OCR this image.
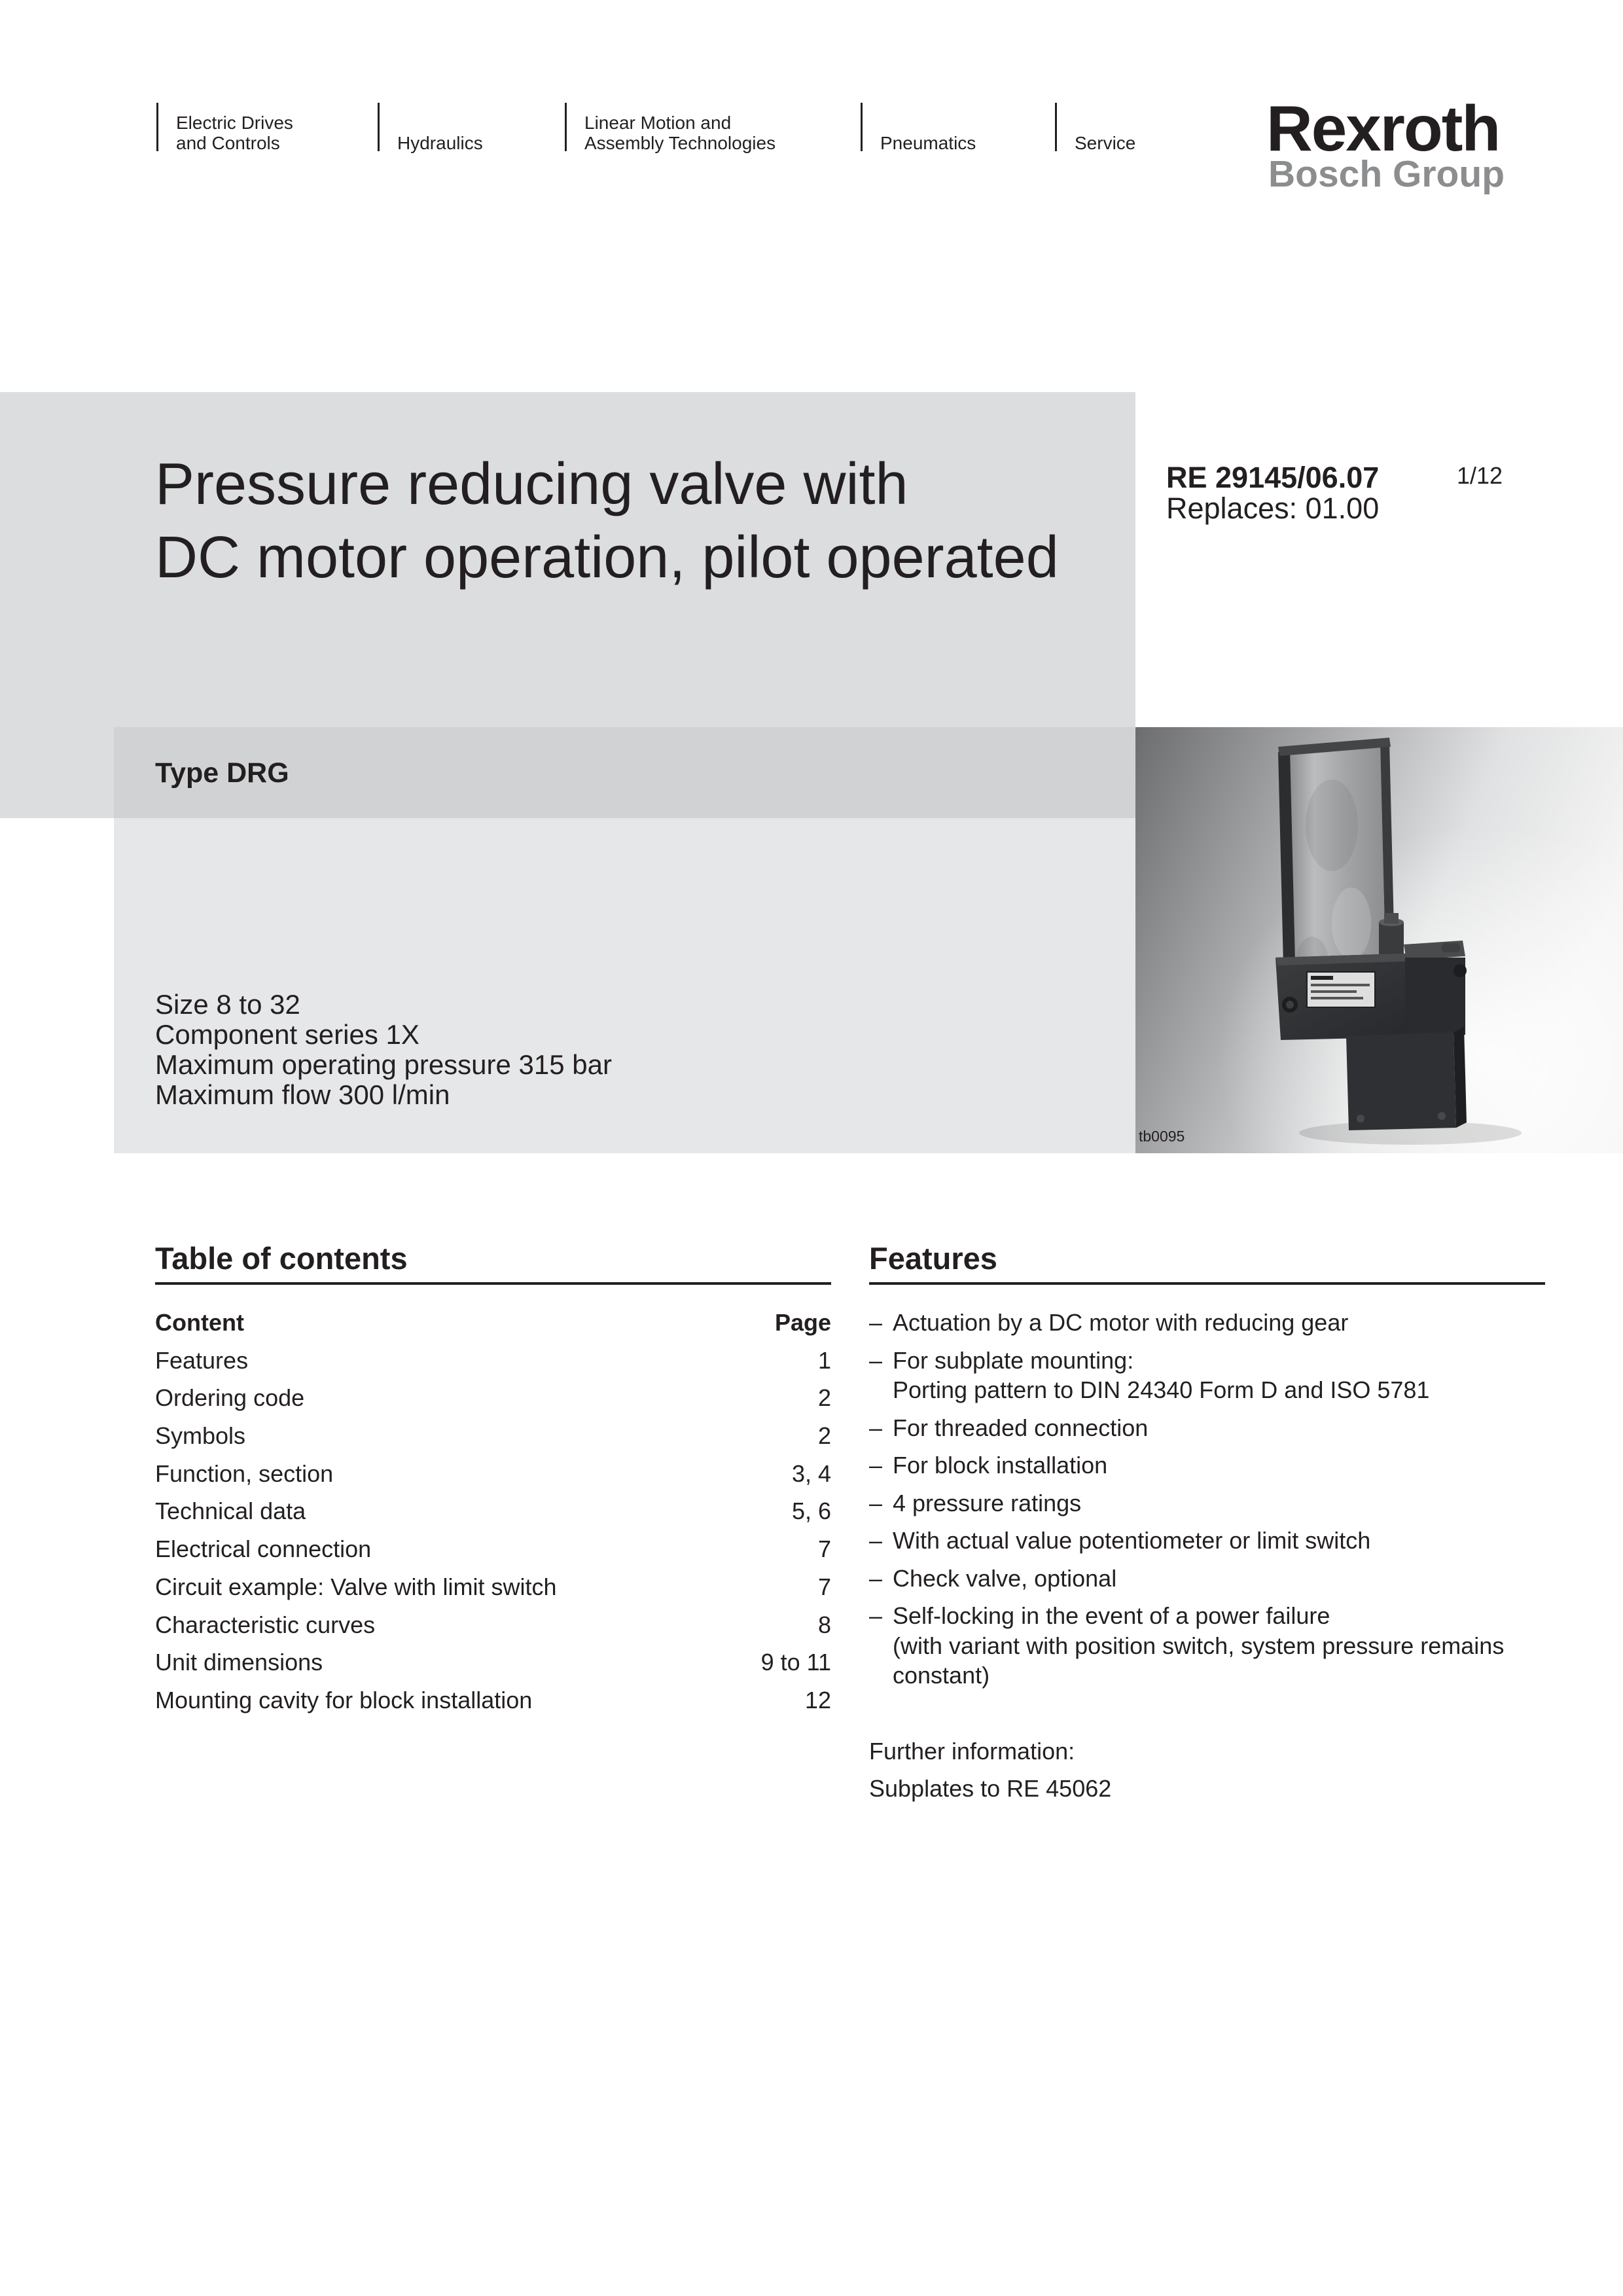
Electric Drives
and Controls	Hydraulics
Linear Motion and
Assembly Technologies	Pneumatics	Service Rexroth
Bosch Group
Pressure reducing valve with
DC motor operation, pilot operated
RE 29145/06.07
Replaces: 01.00
1/12
Type DRG
Size 8 to 32
Component series 1X
Maximum operating pressure 315 bar
Maximum flow 300 l/min
tb0095
Table of contents
Content	Page
Features	1
Ordering code	2
Symbols	2
Function, section	3, 4
Technical data	5, 6
Electrical connection	7
Circuit example: Valve with limit switch	7
Characteristic curves	8
Unit dimensions	9 to 11
Mounting cavity for block installation	12
Features
– Actuation by a DC motor with reducing gear
– For subplate mounting:
Porting pattern to DIN 24340 Form D and ISO 5781
– For threaded connection
– For block installation
– 4 pressure ratings
– With actual value potentiometer or limit switch
– Check valve, optional
– Self-locking in the event of a power failure
(with variant with position switch, system pressure remains
constant)
Further information:
Subplates to RE 45062
